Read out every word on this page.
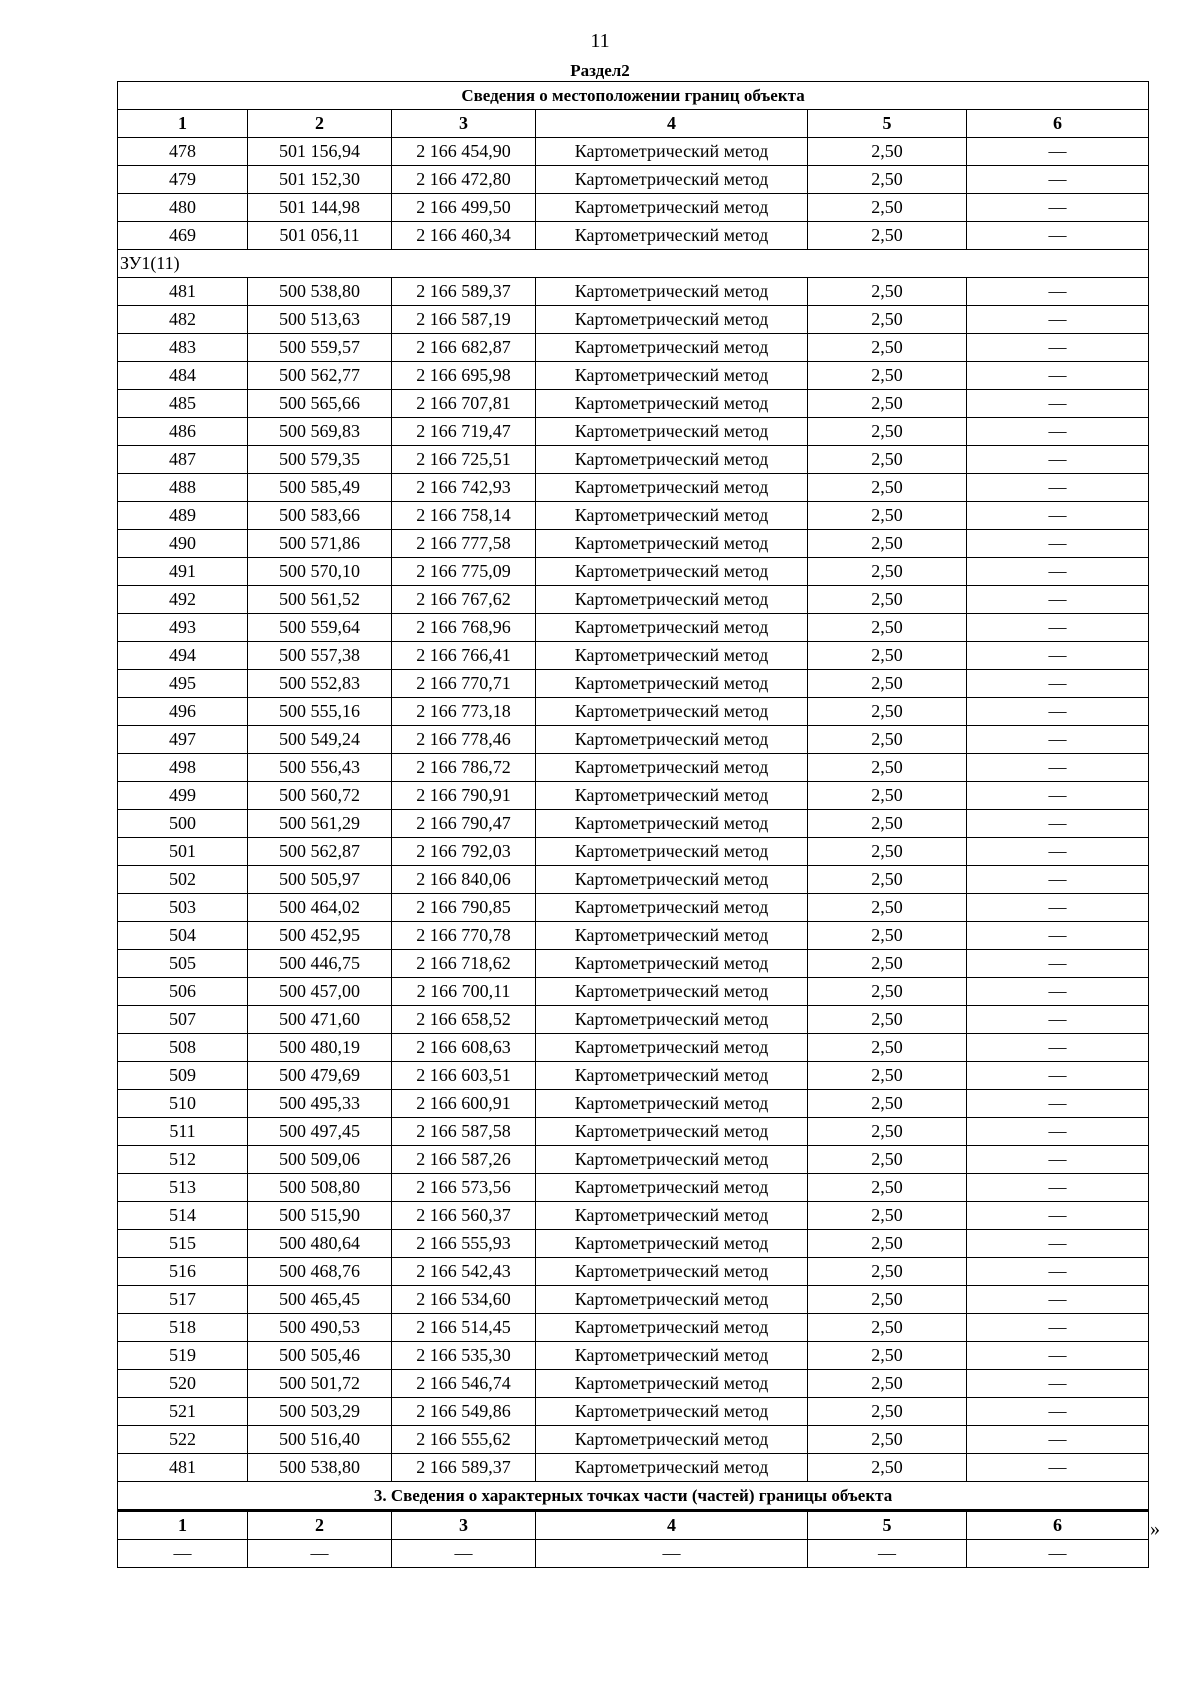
11
Раздел2
Сведения о местоположении границ объекта					
1	2	3	4	5	6
478	501 156,94	2 166 454,90	Картометрический метод	2,50	—
479	501 152,30	2 166 472,80	Картометрический метод	2,50	—
480	501 144,98	2 166 499,50	Картометрический метод	2,50	—
469	501 056,11	2 166 460,34	Картометрический метод	2,50	—
ЗУ1(11)					
481	500 538,80	2 166 589,37	Картометрический метод	2,50	—
482	500 513,63	2 166 587,19	Картометрический метод	2,50	—
483	500 559,57	2 166 682,87	Картометрический метод	2,50	—
484	500 562,77	2 166 695,98	Картометрический метод	2,50	—
485	500 565,66	2 166 707,81	Картометрический метод	2,50	—
486	500 569,83	2 166 719,47	Картометрический метод	2,50	—
487	500 579,35	2 166 725,51	Картометрический метод	2,50	—
488	500 585,49	2 166 742,93	Картометрический метод	2,50	—
489	500 583,66	2 166 758,14	Картометрический метод	2,50	—
490	500 571,86	2 166 777,58	Картометрический метод	2,50	—
491	500 570,10	2 166 775,09	Картометрический метод	2,50	—
492	500 561,52	2 166 767,62	Картометрический метод	2,50	—
493	500 559,64	2 166 768,96	Картометрический метод	2,50	—
494	500 557,38	2 166 766,41	Картометрический метод	2,50	—
495	500 552,83	2 166 770,71	Картометрический метод	2,50	—
496	500 555,16	2 166 773,18	Картометрический метод	2,50	—
497	500 549,24	2 166 778,46	Картометрический метод	2,50	—
498	500 556,43	2 166 786,72	Картометрический метод	2,50	—
499	500 560,72	2 166 790,91	Картометрический метод	2,50	—
500	500 561,29	2 166 790,47	Картометрический метод	2,50	—
501	500 562,87	2 166 792,03	Картометрический метод	2,50	—
502	500 505,97	2 166 840,06	Картометрический метод	2,50	—
503	500 464,02	2 166 790,85	Картометрический метод	2,50	—
504	500 452,95	2 166 770,78	Картометрический метод	2,50	—
505	500 446,75	2 166 718,62	Картометрический метод	2,50	—
506	500 457,00	2 166 700,11	Картометрический метод	2,50	—
507	500 471,60	2 166 658,52	Картометрический метод	2,50	—
508	500 480,19	2 166 608,63	Картометрический метод	2,50	—
509	500 479,69	2 166 603,51	Картометрический метод	2,50	—
510	500 495,33	2 166 600,91	Картометрический метод	2,50	—
511	500 497,45	2 166 587,58	Картометрический метод	2,50	—
512	500 509,06	2 166 587,26	Картометрический метод	2,50	—
513	500 508,80	2 166 573,56	Картометрический метод	2,50	—
514	500 515,90	2 166 560,37	Картометрический метод	2,50	—
515	500 480,64	2 166 555,93	Картометрический метод	2,50	—
516	500 468,76	2 166 542,43	Картометрический метод	2,50	—
517	500 465,45	2 166 534,60	Картометрический метод	2,50	—
518	500 490,53	2 166 514,45	Картометрический метод	2,50	—
519	500 505,46	2 166 535,30	Картометрический метод	2,50	—
520	500 501,72	2 166 546,74	Картометрический метод	2,50	—
521	500 503,29	2 166 549,86	Картометрический метод	2,50	—
522	500 516,40	2 166 555,62	Картометрический метод	2,50	—
481	500 538,80	2 166 589,37	Картометрический метод	2,50	—
3. Сведения о характерных точках части (частей) границы объекта					
1	2	3	4	5	6
—	—	—	—	—	—
»
